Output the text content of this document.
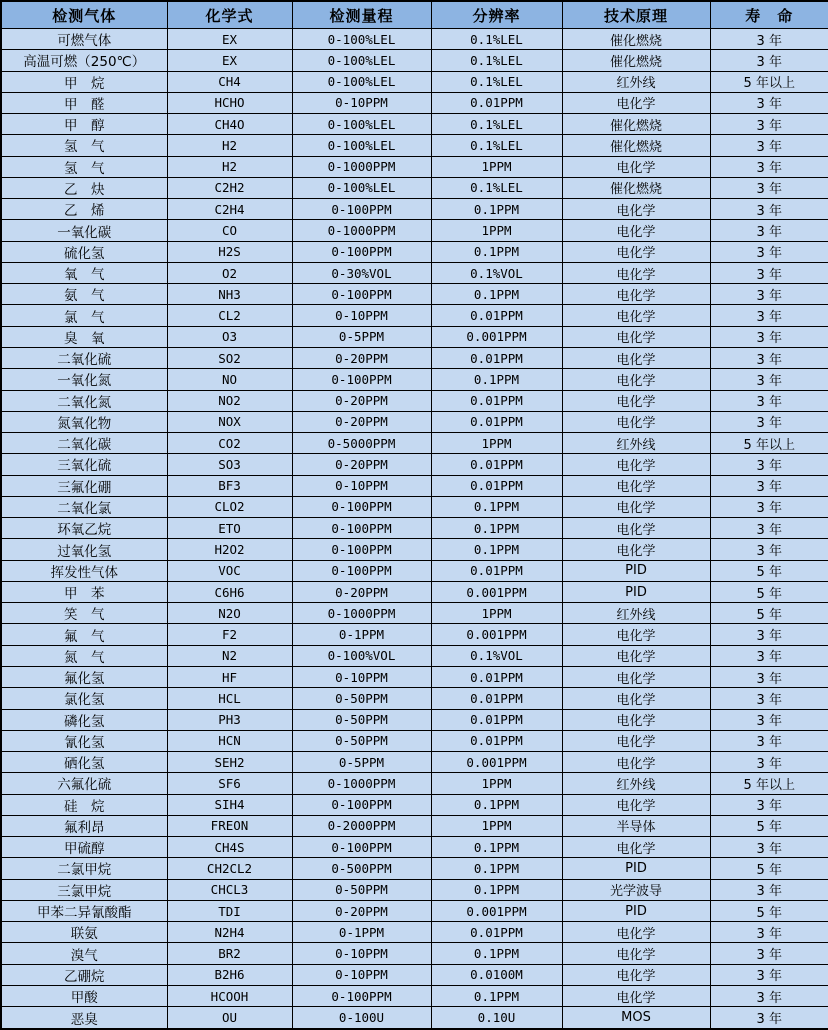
检测气体	化学式	检测量程	分辨率	技术原理	寿　命
可燃气体	EX	0-100%LEL	0.1%LEL	催化燃烧	3 年
高温可燃（250℃）	EX	0-100%LEL	0.1%LEL	催化燃烧	3 年
甲　烷	CH4	0-100%LEL	0.1%LEL	红外线	5 年以上
甲　醛	HCHO	0-10PPM	0.01PPM	电化学	3 年
甲　醇	CH4O	0-100%LEL	0.1%LEL	催化燃烧	3 年
氢　气	H2	0-100%LEL	0.1%LEL	催化燃烧	3 年
氢　气	H2	0-1000PPM	1PPM	电化学	3 年
乙　炔	C2H2	0-100%LEL	0.1%LEL	催化燃烧	3 年
乙　烯	C2H4	0-100PPM	0.1PPM	电化学	3 年
一氧化碳	CO	0-1000PPM	1PPM	电化学	3 年
硫化氢	H2S	0-100PPM	0.1PPM	电化学	3 年
氧　气	O2	0-30%VOL	0.1%VOL	电化学	3 年
氨　气	NH3	0-100PPM	0.1PPM	电化学	3 年
氯　气	CL2	0-10PPM	0.01PPM	电化学	3 年
臭　氧	O3	0-5PPM	0.001PPM	电化学	3 年
二氧化硫	SO2	0-20PPM	0.01PPM	电化学	3 年
一氧化氮	NO	0-100PPM	0.1PPM	电化学	3 年
二氧化氮	NO2	0-20PPM	0.01PPM	电化学	3 年
氮氧化物	NOX	0-20PPM	0.01PPM	电化学	3 年
二氧化碳	CO2	0-5000PPM	1PPM	红外线	5 年以上
三氧化硫	SO3	0-20PPM	0.01PPM	电化学	3 年
三氟化硼	BF3	0-10PPM	0.01PPM	电化学	3 年
二氧化氯	CLO2	0-100PPM	0.1PPM	电化学	3 年
环氧乙烷	ETO	0-100PPM	0.1PPM	电化学	3 年
过氧化氢	H2O2	0-100PPM	0.1PPM	电化学	3 年
挥发性气体	VOC	0-100PPM	0.01PPM	PID	5 年
甲　苯	C6H6	0-20PPM	0.001PPM	PID	5 年
笑　气	N2O	0-1000PPM	1PPM	红外线	5 年
氟　气	F2	0-1PPM	0.001PPM	电化学	3 年
氮　气	N2	0-100%VOL	0.1%VOL	电化学	3 年
氟化氢	HF	0-10PPM	0.01PPM	电化学	3 年
氯化氢	HCL	0-50PPM	0.01PPM	电化学	3 年
磷化氢	PH3	0-50PPM	0.01PPM	电化学	3 年
氰化氢	HCN	0-50PPM	0.01PPM	电化学	3 年
硒化氢	SEH2	0-5PPM	0.001PPM	电化学	3 年
六氟化硫	SF6	0-1000PPM	1PPM	红外线	5 年以上
硅　烷	SIH4	0-100PPM	0.1PPM	电化学	3 年
氟利昂	FREON	0-2000PPM	1PPM	半导体	5 年
甲硫醇	CH4S	0-100PPM	0.1PPM	电化学	3 年
二氯甲烷	CH2CL2	0-500PPM	0.1PPM	PID	5 年
三氯甲烷	CHCL3	0-50PPM	0.1PPM	光学波导	3 年
甲苯二异氰酸酯	TDI	0-20PPM	0.001PPM	PID	5 年
联氨	N2H4	0-1PPM	0.01PPM	电化学	3 年
溴气	BR2	0-10PPM	0.1PPM	电化学	3 年
乙硼烷	B2H6	0-10PPM	0.0100M	电化学	3 年
甲酸	HCOOH	0-100PPM	0.1PPM	电化学	3 年
恶臭	OU	0-100U	0.10U	MOS	3 年
